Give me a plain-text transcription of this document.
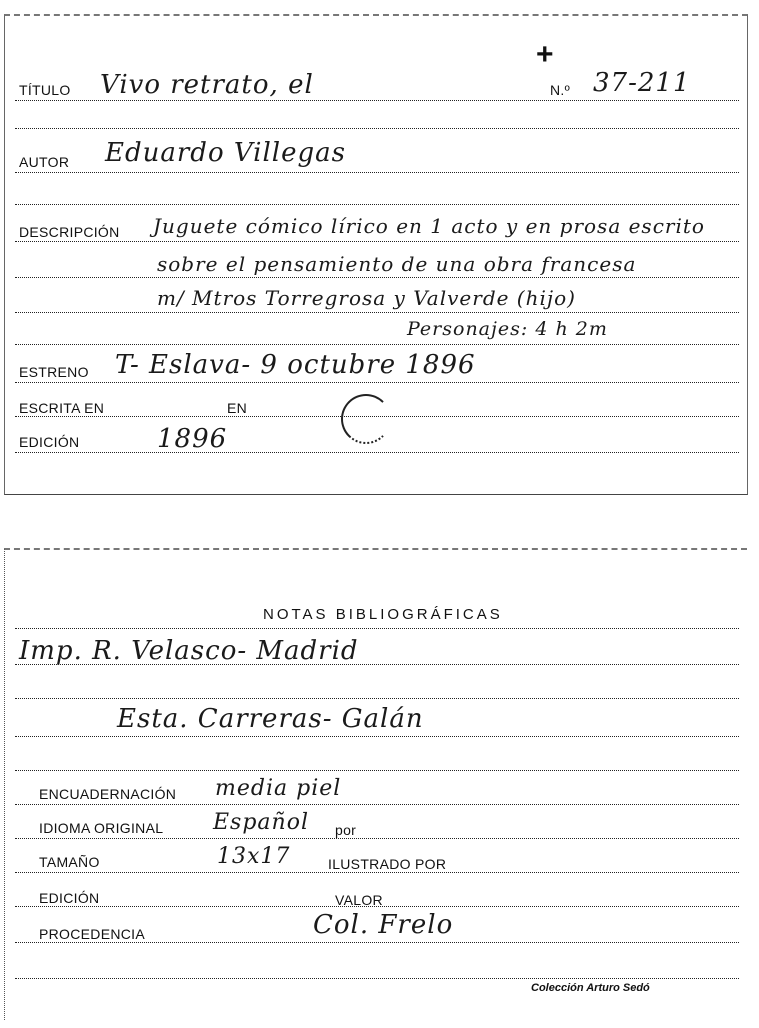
+
TÍTULO Vivo retrato, el	N.º 37-211
AUTOR Eduardo Villegas
DESCRIPCIÓN Juguete cómico lírico en 1 acto y en prosa escrito
sobre el pensamiento de una obra francesa
m/ Mtros Torregrosa y Valverde (hijo)
Personajes: 4 h 2m
ESTRENO T- Eslava- 9 octubre 1896
ESCRITA EN	EN
EDICIÓN	1896
NOTAS BIBLIOGRÁFICAS
Imp. R. Velasco- Madrid
Esta. Carreras- Galán
ENCUADERNACIÓN media piel
IDIOMA ORIGINAL Español por
TAMAÑO	13x17	ILUSTRADO POR
EDICIÓN	VALOR
PROCEDENCIA	Col. Frelo
Colección Arturo Sedó
